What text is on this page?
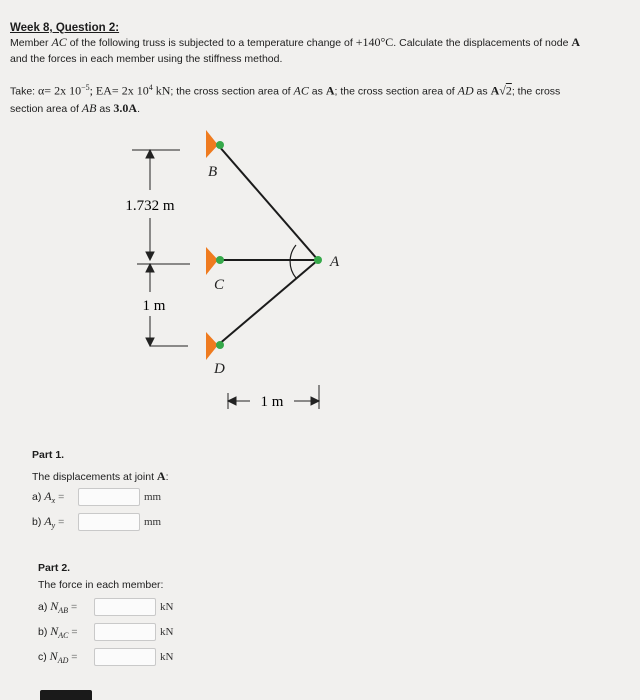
Week 8, Question 2:
Member AC of the following truss is subjected to a temperature change of +140°C. Calculate the displacements of node A
and the forces in each member using the stiffness method.
Take: α= 2x $10^{-5}$; EA= 2x $10^4$ kN; the cross section area of AC as A; the cross section area of AD as A√2; the cross
section area of AB as 3.0A.
1.732 m
1 m
B
C
D
A
1 m
Part 1.
The displacements at joint A:
a) $A_x$ =	mm
b) $A_y$ =	mm
Part 2.
The force in each member:
a) $N_{AB}$ =	kN
b) $N_{AC}$ =	kN
c) $N_{AD}$ =	kN
